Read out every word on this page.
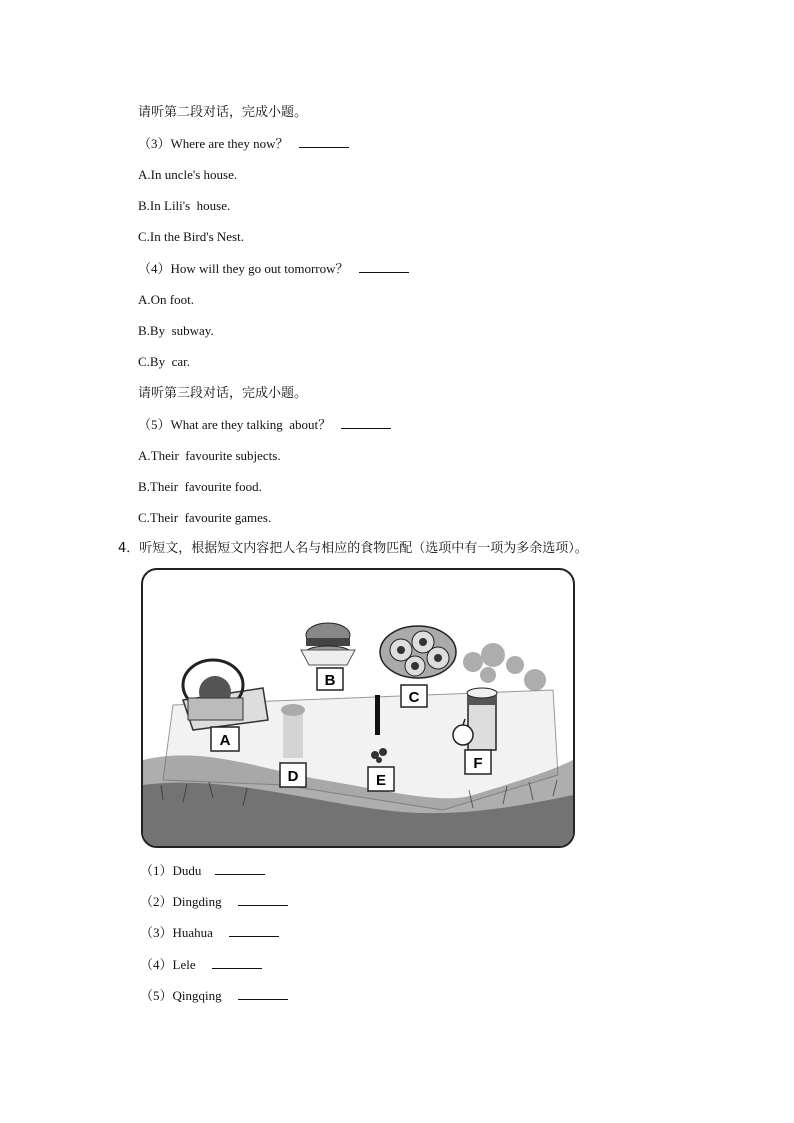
请听第二段对话，完成小题。
（3）Where are they now？
A.In uncle's house.
B.In Lili's  house.
C.In the Bird's Nest.
（4）How will they go out tomorrow？
A.On foot.
B.By  subway.
C.By  car.
请听第三段对话，完成小题。
（5）What are they talking  about？
A.Their  favourite subjects.
B.Their  favourite food.
C.Their  favourite games.
4．听短文，根据短文内容把人名与相应的食物匹配（选项中有一项为多余选项）。
A
B
C
D	E
F
（1）Dudu
（2）Dingding
（3）Huahua
（4）Lele
（5）Qingqing
